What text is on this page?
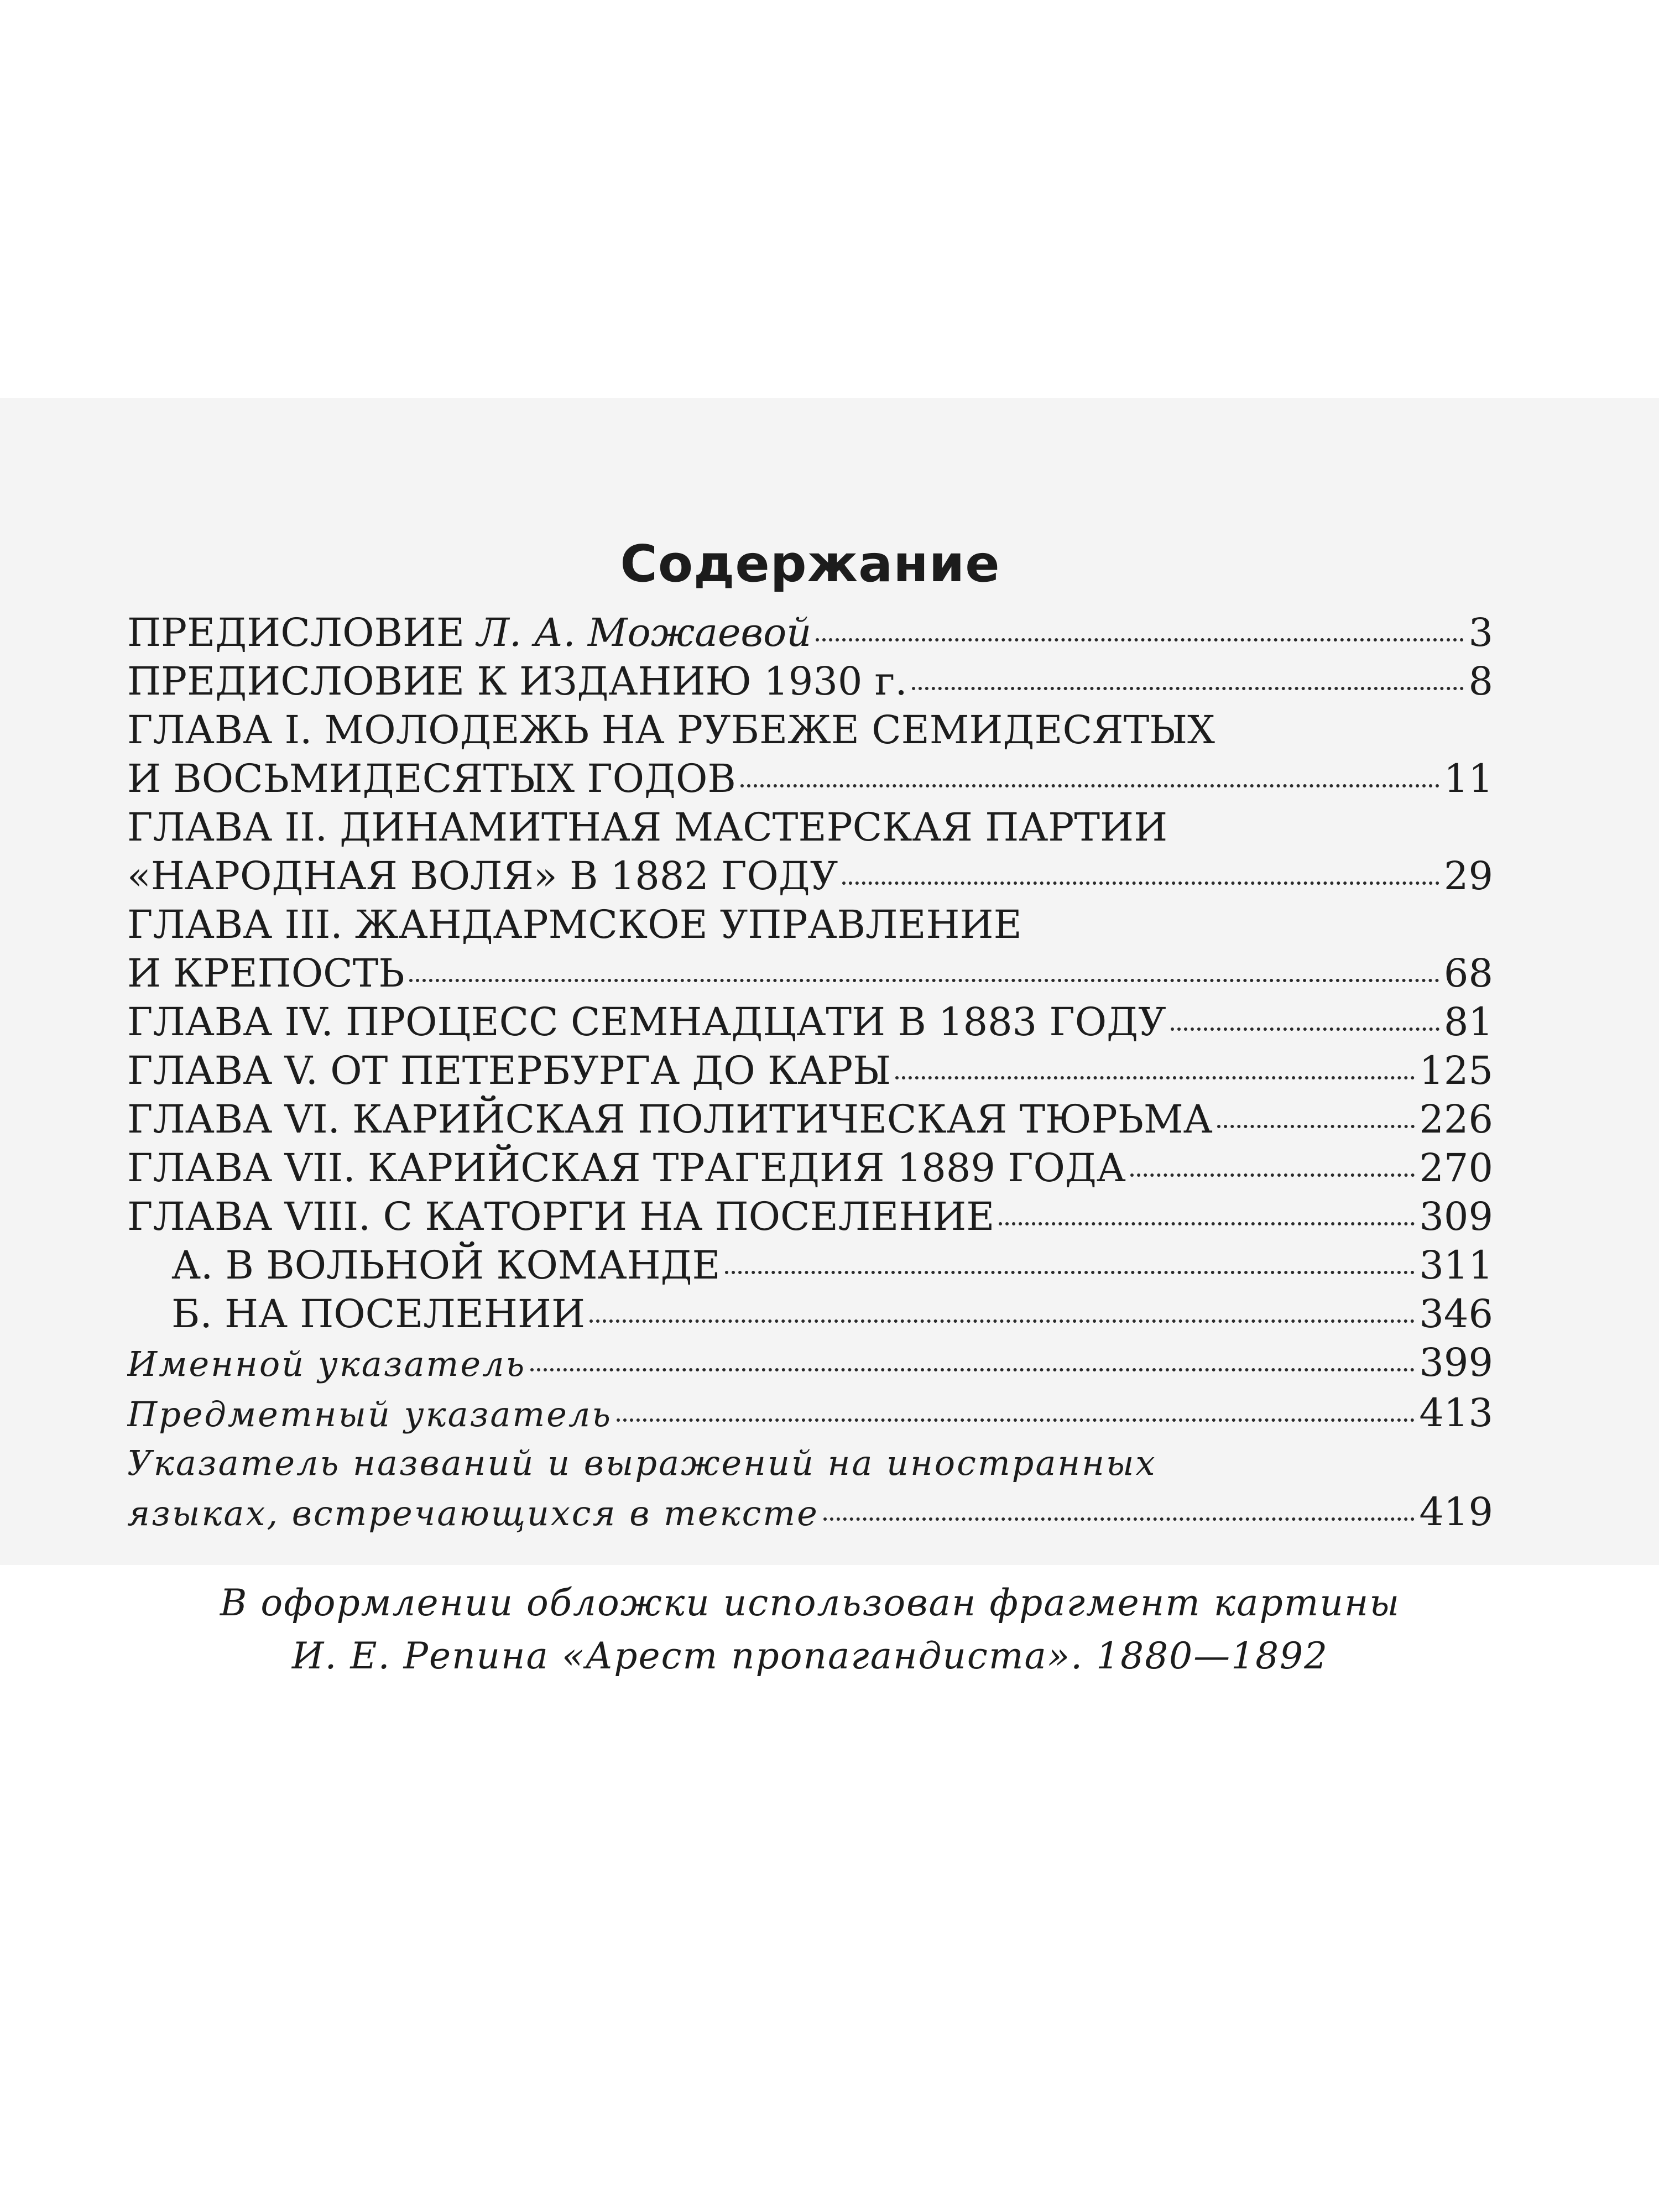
Содержание
ПРЕДИСЛОВИЕ Л. А. Можаевой	3
ПРЕДИСЛОВИЕ К ИЗДАНИЮ 1930 г.	8
ГЛАВА I. МОЛОДЕЖЬ НА РУБЕЖЕ СЕМИДЕСЯТЫХ
И ВОСЬМИДЕСЯТЫХ ГОДОВ	11
ГЛАВА II. ДИНАМИТНАЯ МАСТЕРСКАЯ ПАРТИИ
«НАРОДНАЯ ВОЛЯ» В 1882 ГОДУ	29
ГЛАВА III. ЖАНДАРМСКОЕ УПРАВЛЕНИЕ
И КРЕПОСТЬ	68
ГЛАВА IV. ПРОЦЕСС СЕМНАДЦАТИ В 1883 ГОДУ	81
ГЛАВА V. ОТ ПЕТЕРБУРГА ДО КАРЫ	125
ГЛАВА VI. КАРИЙСКАЯ ПОЛИТИЧЕСКАЯ ТЮРЬМА	226
ГЛАВА VII. КАРИЙСКАЯ ТРАГЕДИЯ 1889 ГОДА	270
ГЛАВА VIII. С КАТОРГИ НА ПОСЕЛЕНИЕ	309
А. В ВОЛЬНОЙ КОМАНДЕ	311
Б. НА ПОСЕЛЕНИИ	346
Именной указатель	399
Предметный указатель	413
Указатель названий и выражений на иностранных
языках, встречающихся в тексте	419
В оформлении обложки использован фрагмент картины
И. Е. Репина «Арест пропагандиста». 1880—1892
